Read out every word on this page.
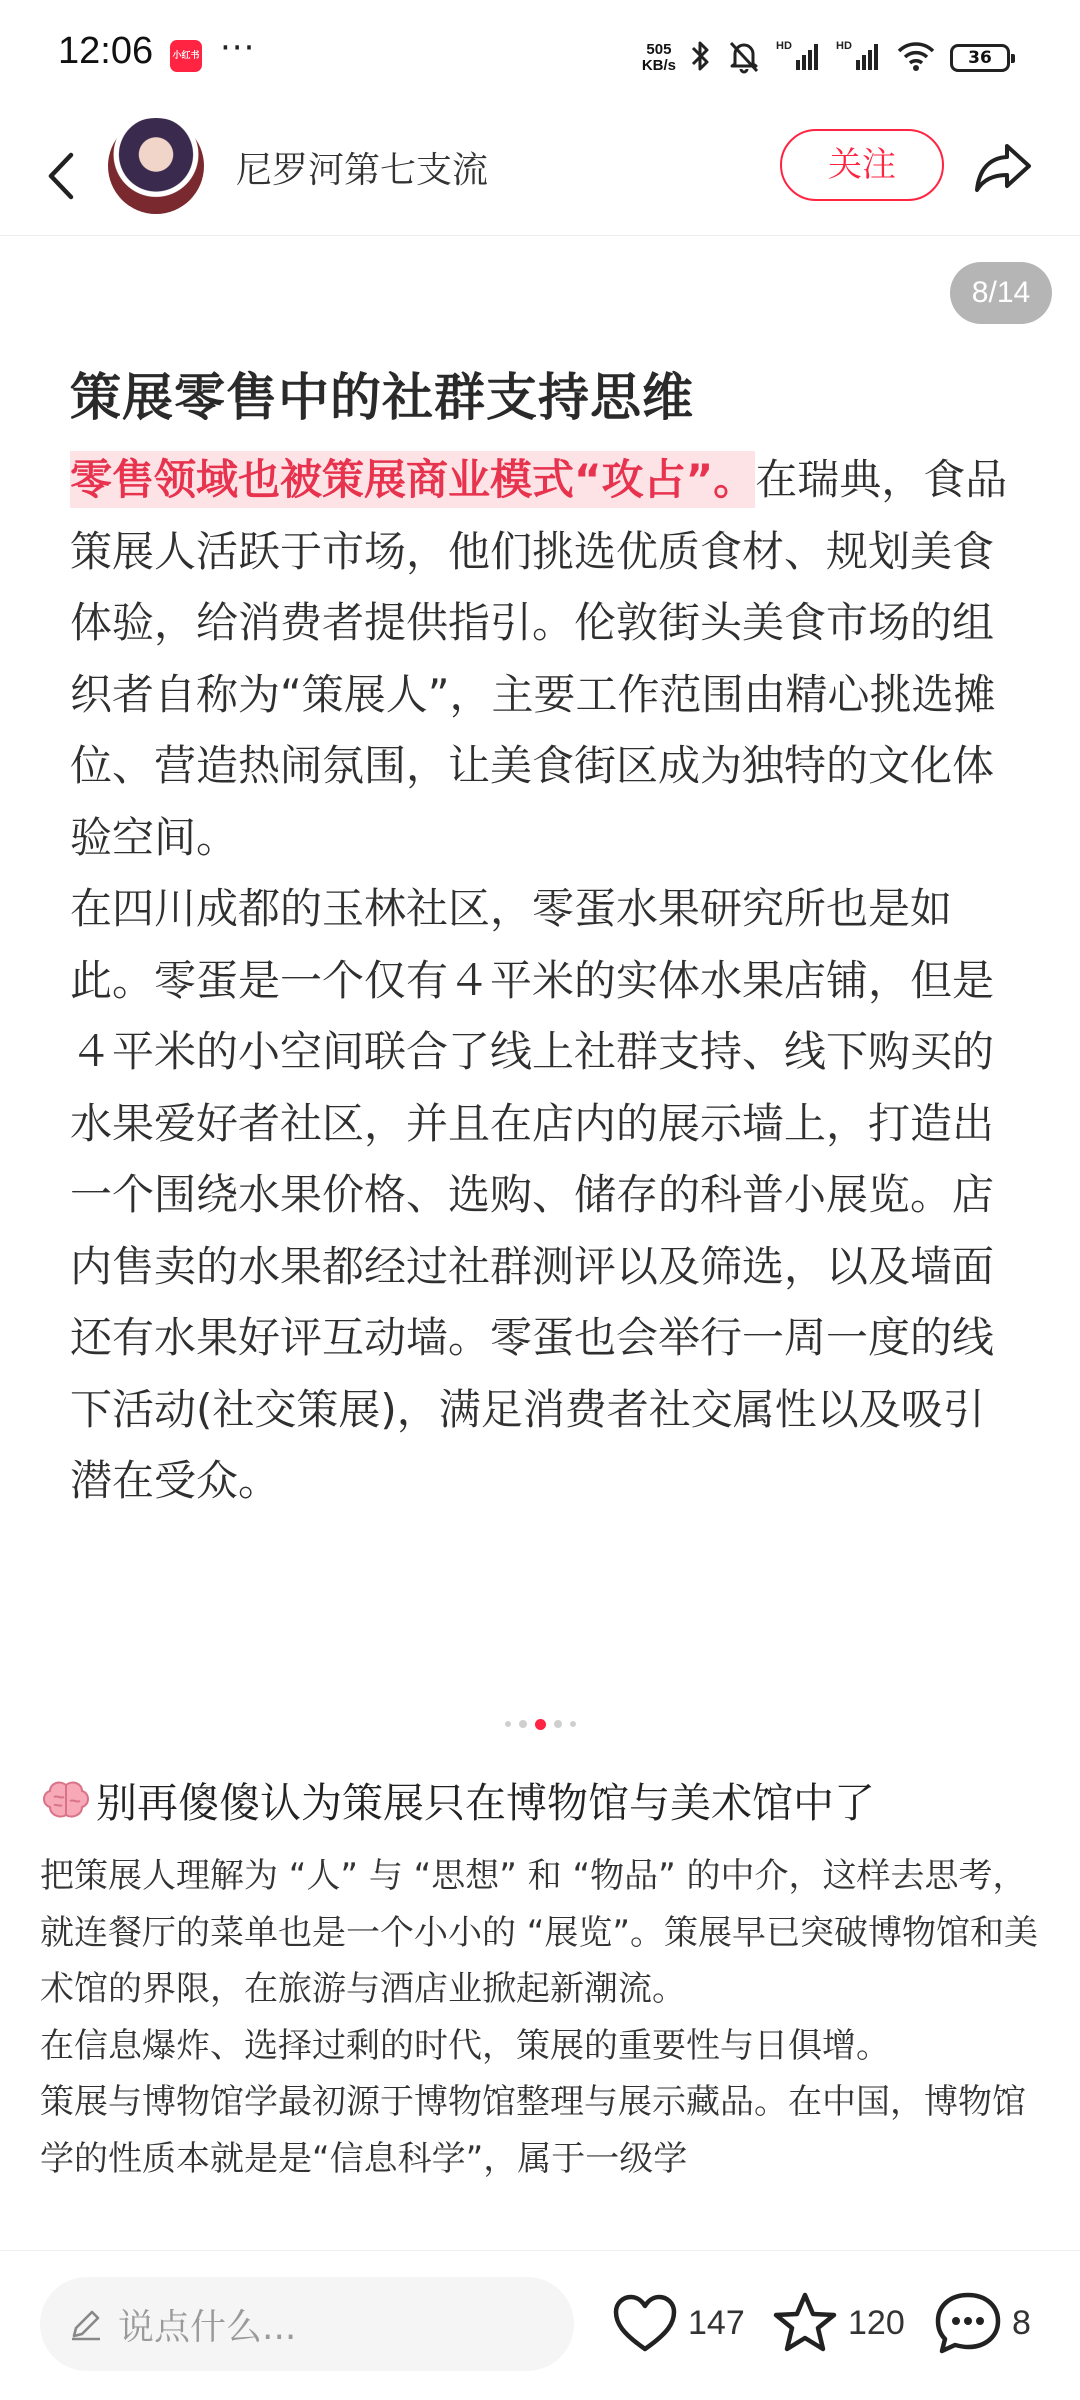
12:06 小红书 ···	505
KB/s
HD	HD
36
尼罗河第七支流	关注
8/14
策展零售中的社群支持思维

零售领域也被策展商业模式“攻占”。在瑞典，食品策展人活跃于市场，他们挑选优质食材、规划美食体验，给消费者提供指引。伦敦街头美食市场的组织者自称为“策展人”，主要工作范围由精心挑选摊位、营造热闹氛围，让美食街区成为独特的文化体验空间。

在四川成都的玉林社区，零蛋水果研究所也是如此。零蛋是一个仅有４平米的实体水果店铺，但是４平米的小空间联合了线上社群支持、线下购买的水果爱好者社区，并且在店内的展示墙上，打造出一个围绕水果价格、选购、储存的科普小展览。店内售卖的水果都经过社群测评以及筛选，以及墙面还有水果好评互动墙。零蛋也会举行一周一度的线下活动(社交策展)，满足消费者社交属性以及吸引潜在受众。

别再傻傻认为策展只在博物馆与美术馆中了

把策展人理解为 “人” 与 “思想” 和 “物品” 的中介，这样去思考，就连餐厅的菜单也是一个小小的 “展览”。策展早已突破博物馆和美术馆的界限，在旅游与酒店业掀起新潮流。

在信息爆炸、选择过剩的时代，策展的重要性与日俱增。

策展与博物馆学最初源于博物馆整理与展示藏品。在中国，博物馆学的性质本就是是“信息科学”，属于一级学

说点什么...	147	120	8
